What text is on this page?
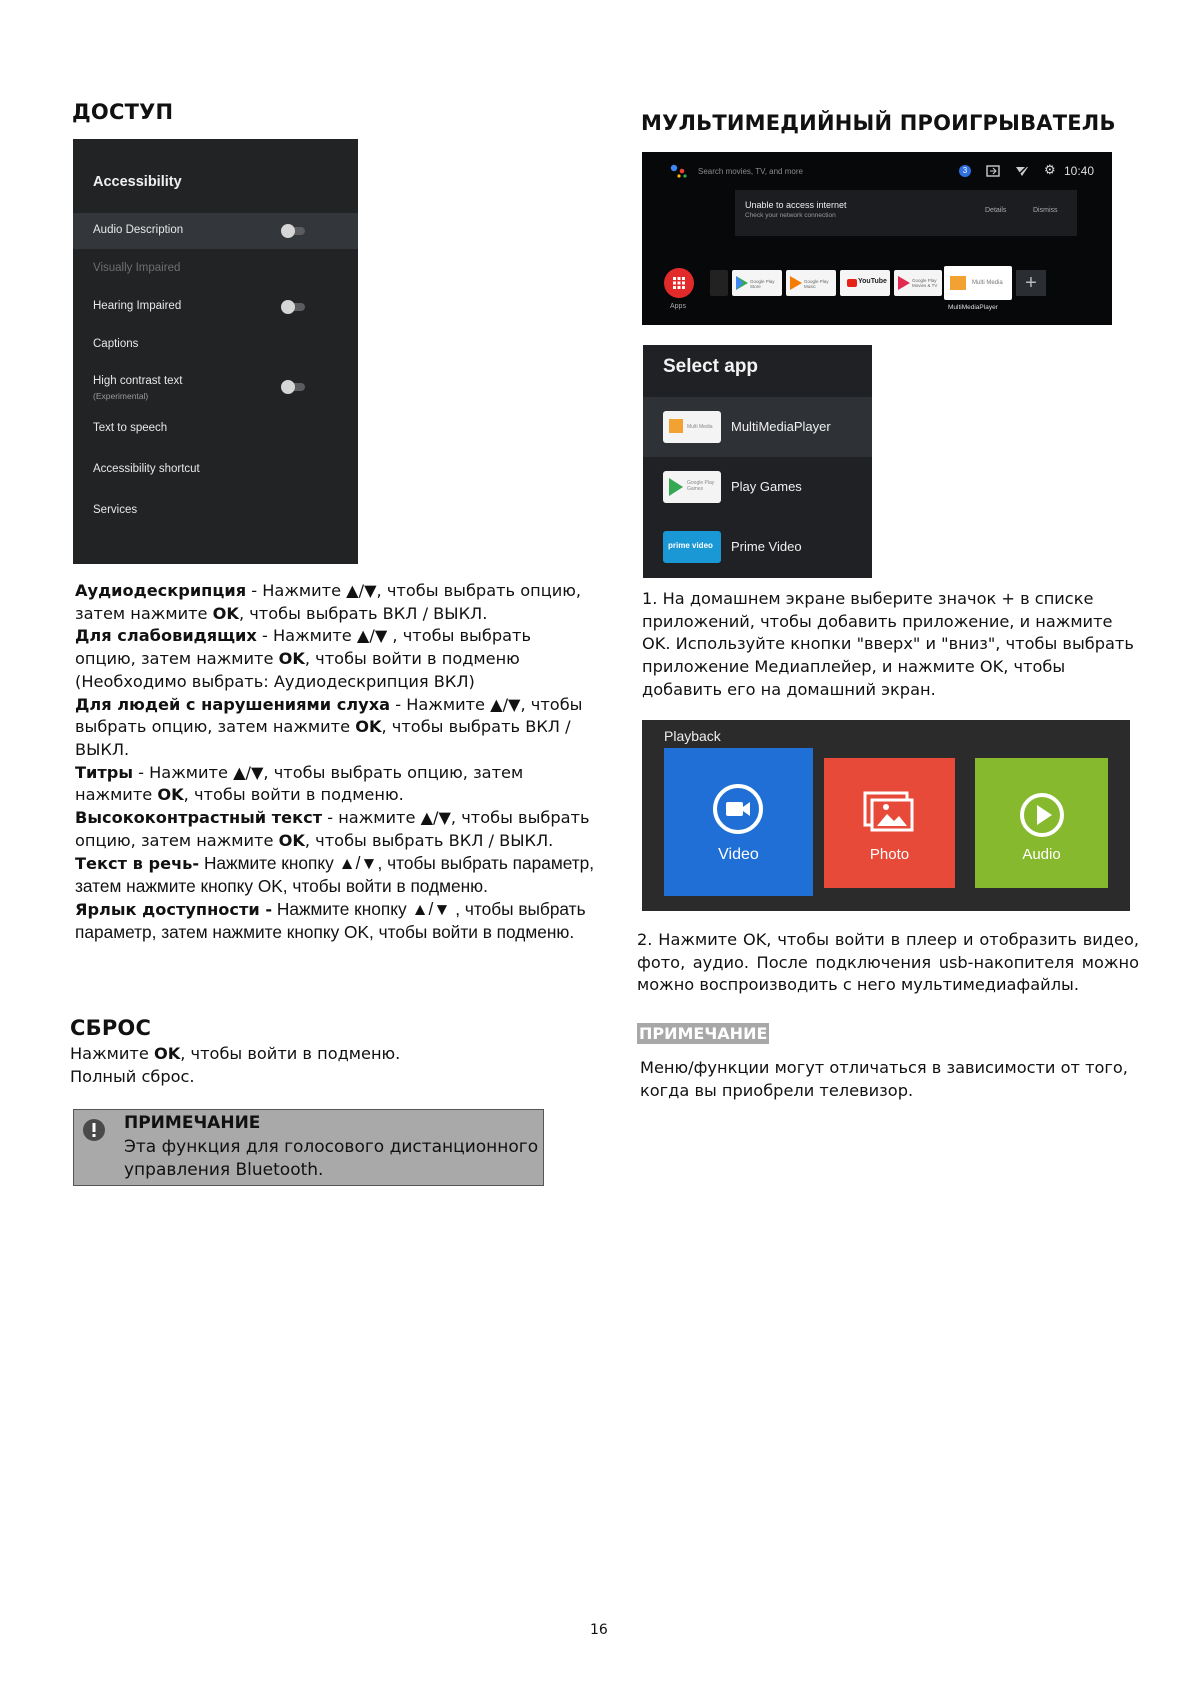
ДОСТУП
Accessibility
Audio Description
Visually Impaired
Hearing Impaired
Captions
High contrast text
(Experimental)
Text to speech
Accessibility shortcut
Services

Аудиодескрипция - Нажмите ▲/▼, чтобы выбрать опцию, затем нажмите OK, чтобы выбрать ВКЛ / ВЫКЛ.

Для слабовидящих - Нажмите ▲/▼ , чтобы выбрать опцию, затем нажмите OK, чтобы войти в подменю (Необходимо выбрать: Аудиодескрипция ВКЛ)

Для людей с нарушениями слуха - Нажмите ▲/▼, чтобы выбрать опцию, затем нажмите OK, чтобы выбрать ВКЛ / ВЫКЛ.

Титры - Нажмите ▲/▼, чтобы выбрать опцию, затем нажмите OK, чтобы войти в подменю.

Высококонтрастный текст - нажмите ▲/▼, чтобы выбрать опцию, затем нажмите OK, чтобы выбрать ВКЛ / ВЫКЛ.

Текст в речь- Нажмите кнопку ▲/▼, чтобы выбрать параметр, затем нажмите кнопку OK, чтобы войти в подменю.

Ярлык доступности - Нажмите кнопку ▲/▼ , чтобы выбрать параметр, затем нажмите кнопку OK, чтобы войти в подменю.

СБРОС

Нажмите OK, чтобы войти в подменю.

Полный сброс.

ПРИМЕЧАНИЕ
Эта функция для голосового дистанционного управления Bluetooth.
МУЛЬТИМЕДИЙНЫЙ ПРОИГРЫВАТЕЛЬ
Search movies, TV, and more	3	⚙ 10:40
Unable to access internet
Check your network connection
Details	Dismiss
Apps
Google Play Store
Google Play Music
YouTube	Google Play Movies & TV	Multi Media	+
MultiMediaPlayer
Select app
Multi Media MultiMediaPlayer
Google Play Games	Play Games
prime video Prime Video
1. На домашнем экране выберите значок + в списке приложений, чтобы добавить приложение, и нажмите OK. Используйте кнопки "вверх" и "вниз", чтобы выбрать приложение Медиаплейер, и нажмите OK, чтобы добавить его на домашний экран.
Playback
Video	Photo	Audio
2. Нажмите OK, чтобы войти в плеер и отобразить видео, фото, аудио. После подключения usb-накопителя можно можно воспроизводить с него мультимедиафайлы.
ПРИМЕЧАНИЕ
Меню/функции могут отличаться в зависимости от того, когда вы приобрели телевизор.
16
